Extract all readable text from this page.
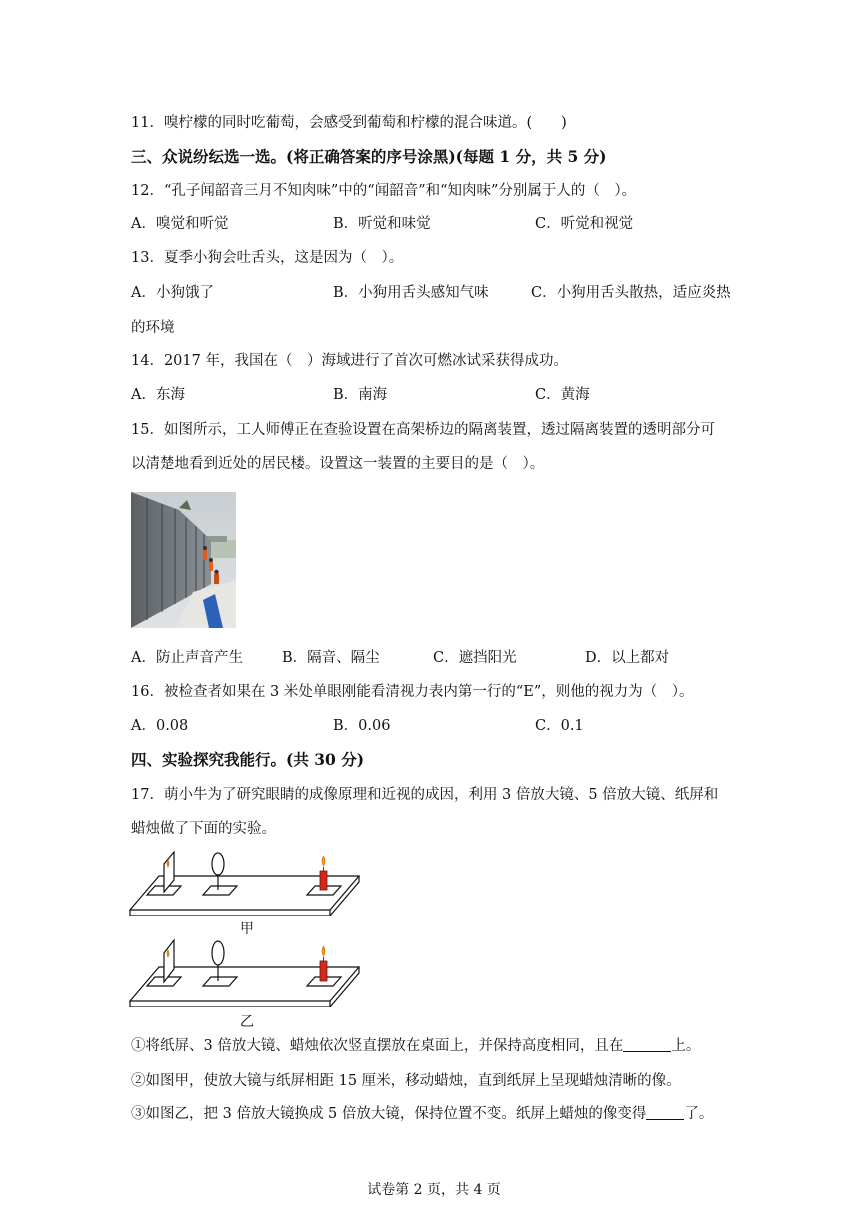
11．嗅柠檬的同时吃葡萄，会感受到葡萄和柠檬的混合味道。(　　)
三、众说纷纭选一选。(将正确答案的序号涂黑)(每题 1 分，共 5 分)
12．“孔子闻韶音三月不知肉味”中的“闻韶音”和“知肉味”分别属于人的（　）。
A．嗅觉和听觉	B．听觉和味觉	C．听觉和视觉
13．夏季小狗会吐舌头，这是因为（　）。
A．小狗饿了	B．小狗用舌头感知气味	C．小狗用舌头散热，适应炎热
的环境
14．2017 年，我国在（　）海域进行了首次可燃冰试采获得成功。
A．东海	B．南海	C．黄海
15．如图所示，工人师傅正在查验设置在高架桥边的隔离装置，透过隔离装置的透明部分可
以清楚地看到近处的居民楼。设置这一装置的主要目的是（　）。
A．防止声音产生	B．隔音、隔尘	C．遮挡阳光	D．以上都对
16．被检查者如果在 3 米处单眼刚能看清视力表内第一行的“E”，则他的视力为（　）。
A．0.08	B．0.06	C．0.1
四、实验探究我能行。(共 30 分)
17．萌小牛为了研究眼睛的成像原理和近视的成因，利用 3 倍放大镜、5 倍放大镜、纸屏和
蜡烛做了下面的实验。
甲
乙
①将纸屏、3 倍放大镜、蜡烛依次竖直摆放在桌面上，并保持高度相同，且在	上。
②如图甲，使放大镜与纸屏相距 15 厘米，移动蜡烛，直到纸屏上呈现蜡烛清晰的像。
③如图乙，把 3 倍放大镜换成 5 倍放大镜，保持位置不变。纸屏上蜡烛的像变得	了。
试卷第 2 页，共 4 页
